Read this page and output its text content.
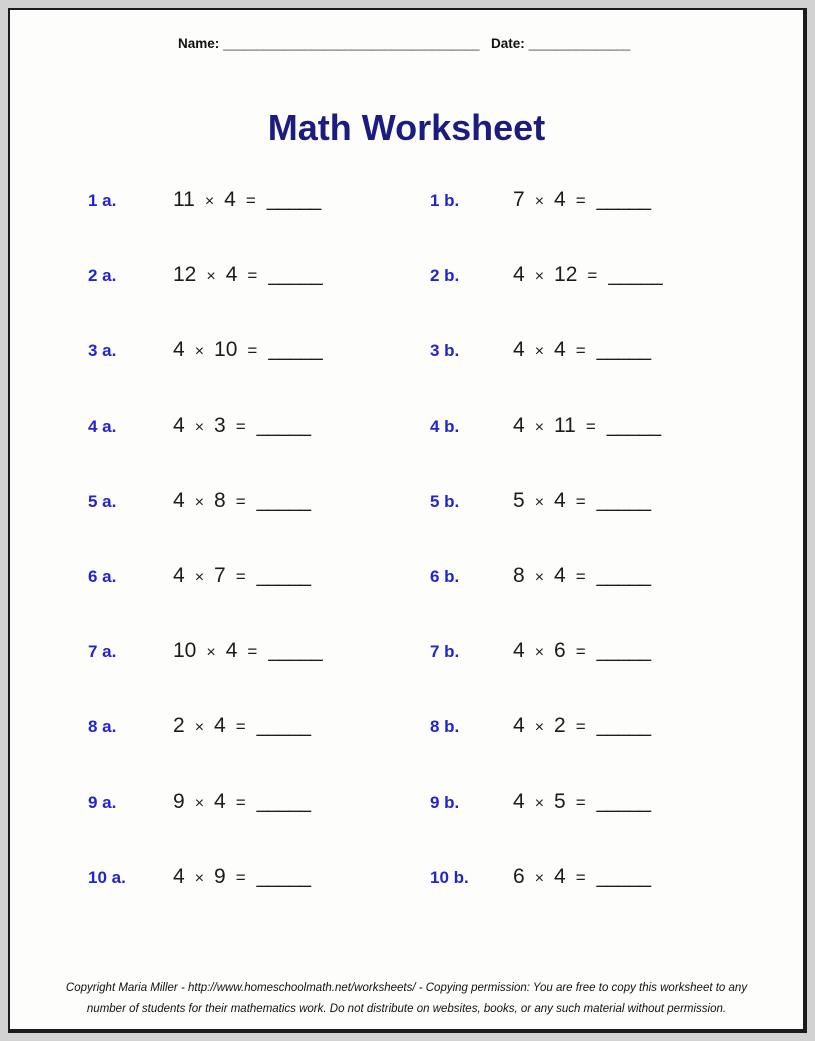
Name: ______________________________________ Date: _______________
Math Worksheet
1 a.	11 × 4 = _____	1 b.	7 × 4 = _____
2 a.	12 × 4 = _____	2 b.	4 × 12 = _____
3 a.	4 × 10 = _____	3 b.	4 × 4 = _____
4 a.	4 × 3 = _____	4 b.	4 × 11 = _____
5 a.	4 × 8 = _____	5 b.	5 × 4 = _____
6 a.	4 × 7 = _____	6 b.	8 × 4 = _____
7 a.	10 × 4 = _____	7 b.	4 × 6 = _____
8 a.	2 × 4 = _____	8 b.	4 × 2 = _____
9 a.	9 × 4 = _____	9 b.	4 × 5 = _____
10 a.	4 × 9 = _____	10 b.	6 × 4 = _____
Copyright Maria Miller - http://www.homeschoolmath.net/worksheets/ - Copying permission: You are free to copy this worksheet to any
number of students for their mathematics work. Do not distribute on websites, books, or any such material without permission.
